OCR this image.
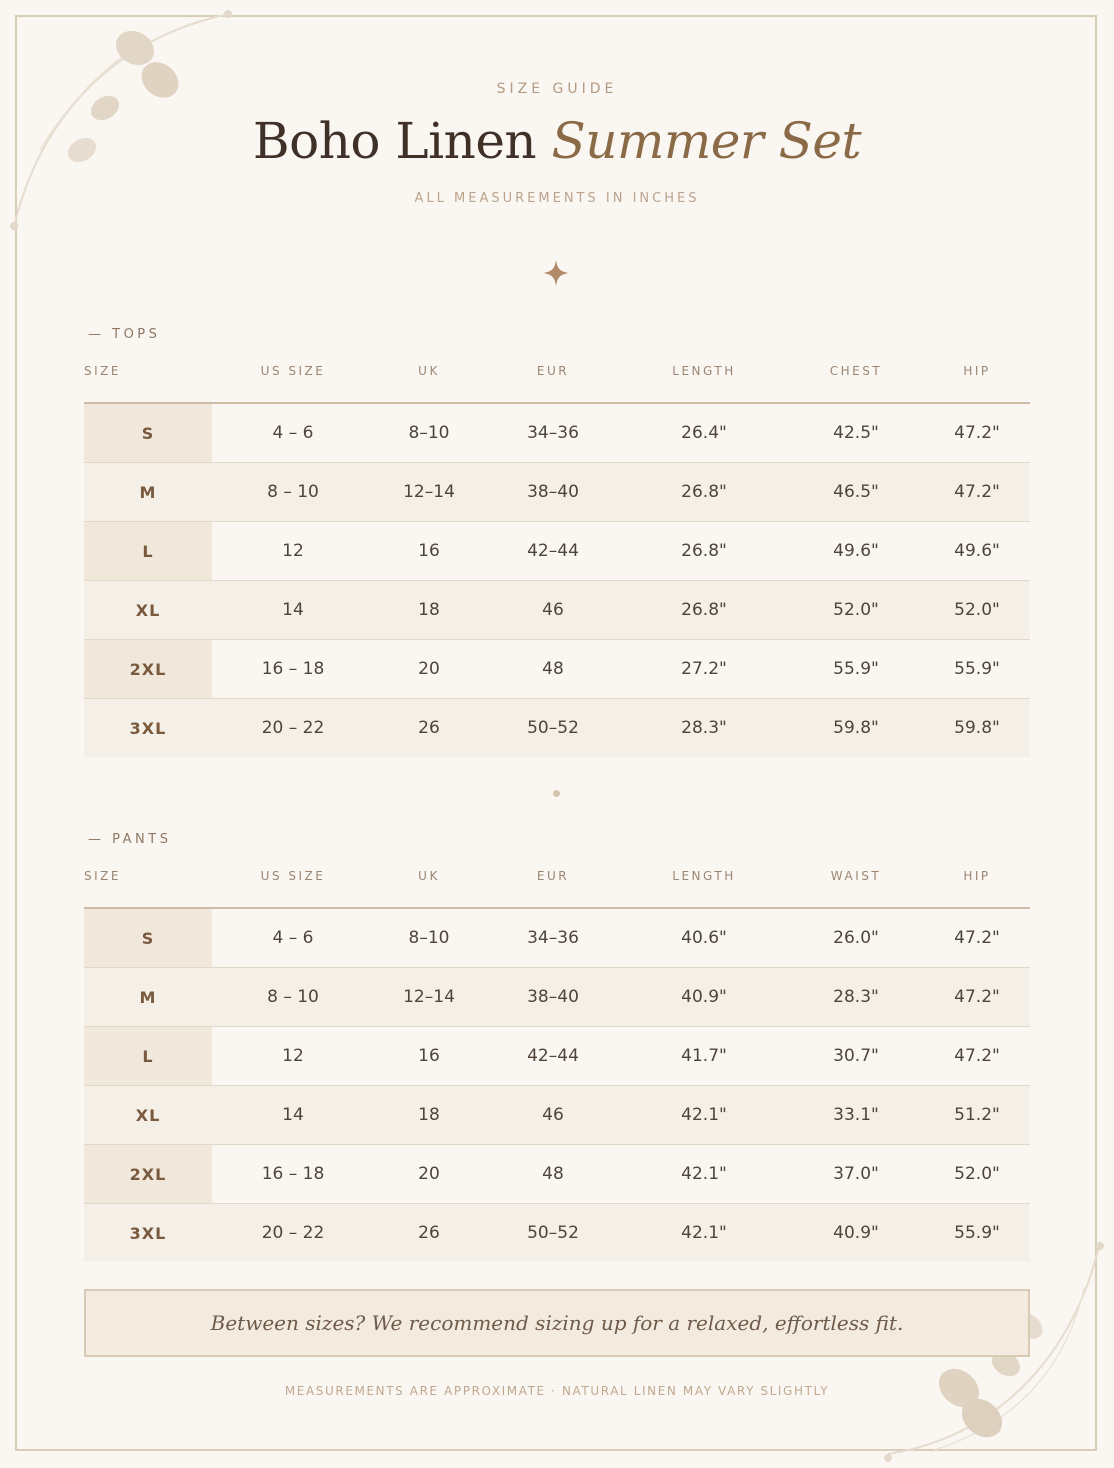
SIZE GUIDE
Boho Linen Summer Set
ALL MEASUREMENTS IN INCHES
— TOPS
SIZE	US SIZE	UK	EUR	LENGTH	CHEST	HIP
S	4 – 6	8–10	34–36	26.4"	42.5"	47.2"
M	8 – 10	12–14	38–40	26.8"	46.5"	47.2"
L	12	16	42–44	26.8"	49.6"	49.6"
XL	14	18	46	26.8"	52.0"	52.0"
2XL	16 – 18	20	48	27.2"	55.9"	55.9"
3XL	20 – 22	26	50–52	28.3"	59.8"	59.8"
— PANTS
SIZE	US SIZE	UK	EUR	LENGTH	WAIST	HIP
S	4 – 6	8–10	34–36	40.6"	26.0"	47.2"
M	8 – 10	12–14	38–40	40.9"	28.3"	47.2"
L	12	16	42–44	41.7"	30.7"	47.2"
XL	14	18	46	42.1"	33.1"	51.2"
2XL	16 – 18	20	48	42.1"	37.0"	52.0"
3XL	20 – 22	26	50–52	42.1"	40.9"	55.9"
Between sizes? We recommend sizing up for a relaxed, effortless fit.
MEASUREMENTS ARE APPROXIMATE · NATURAL LINEN MAY VARY SLIGHTLY
